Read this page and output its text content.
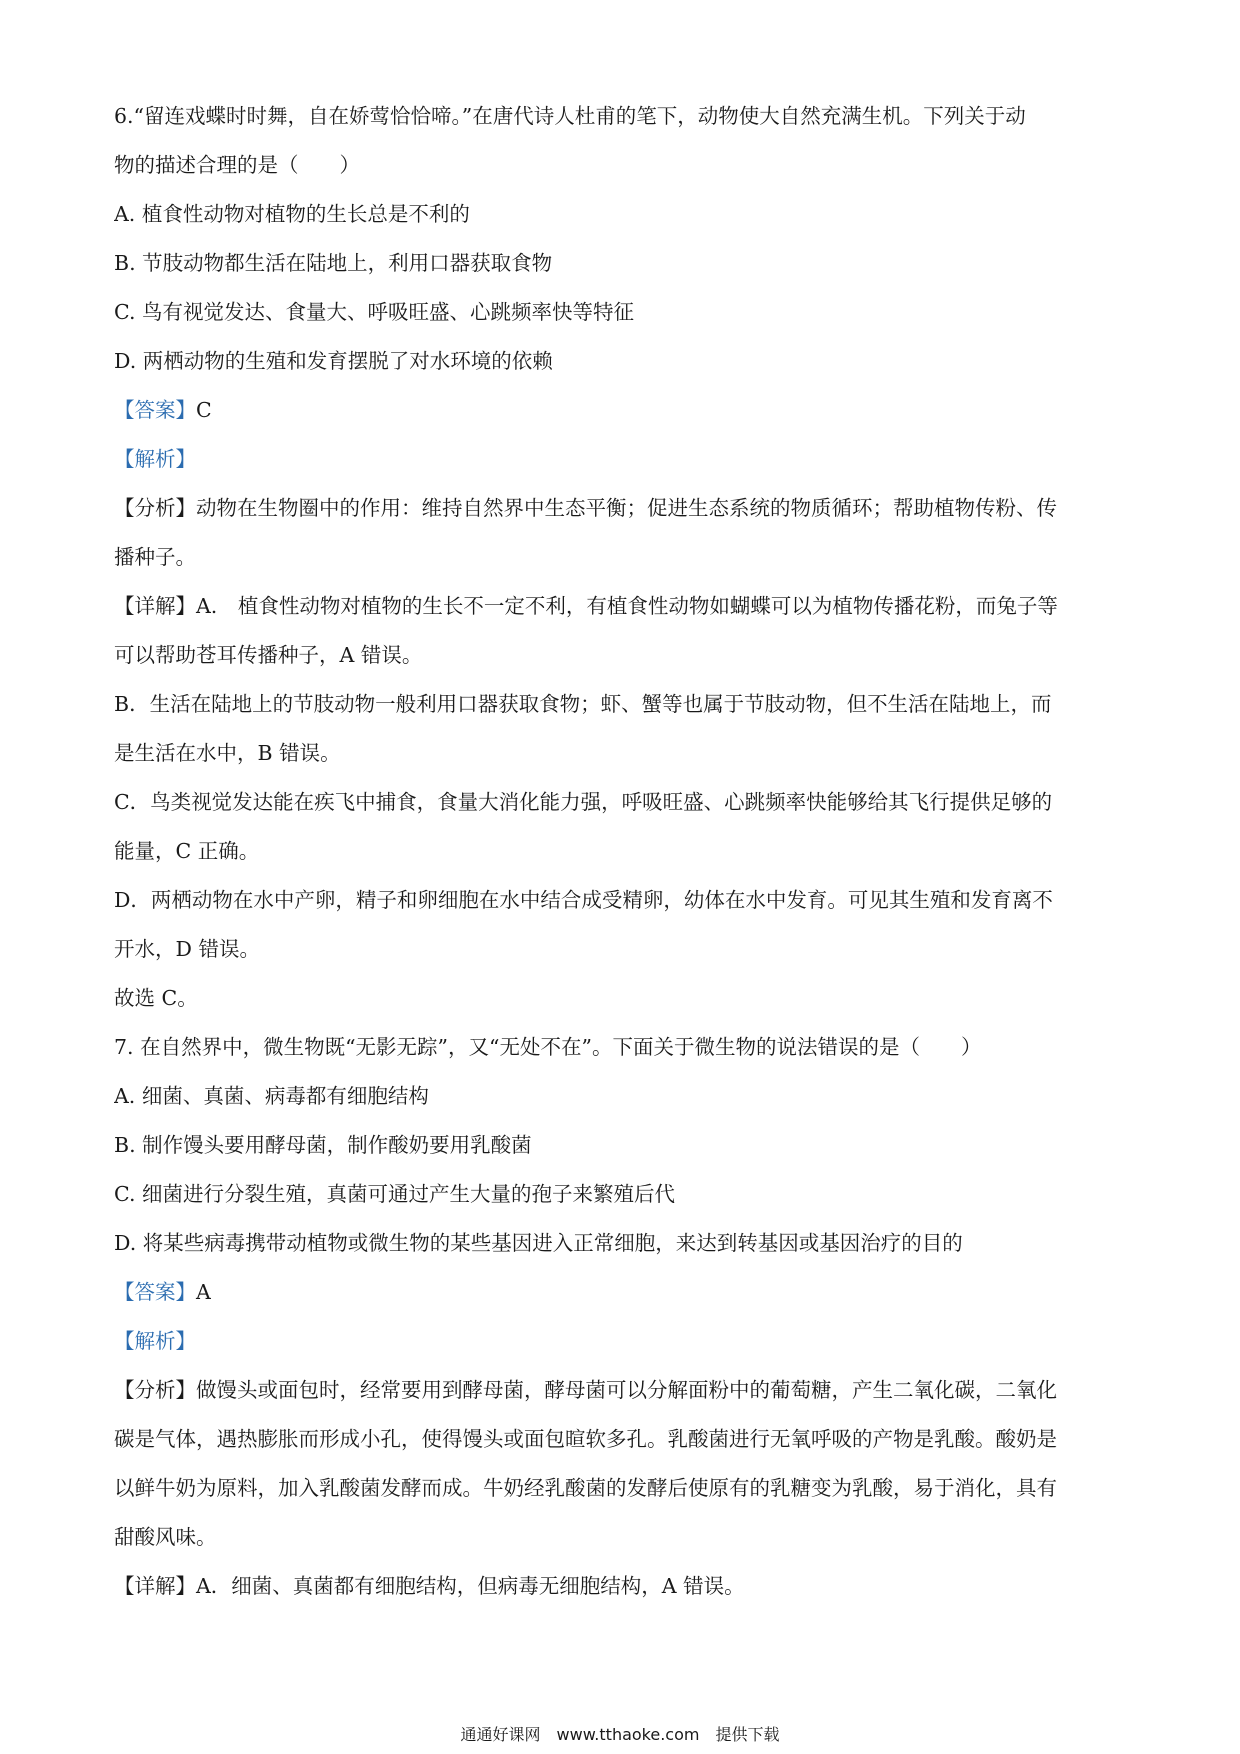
6.“留连戏蝶时时舞，自在娇莺恰恰啼。”在唐代诗人杜甫的笔下，动物使大自然充满生机。下列关于动
物的描述合理的是（　　）
A. 植食性动物对植物的生长总是不利的
B. 节肢动物都生活在陆地上，利用口器获取食物
C. 鸟有视觉发达、食量大、呼吸旺盛、心跳频率快等特征
D. 两栖动物的生殖和发育摆脱了对水环境的依赖
【答案】 C
【解析】
【分析】 动物在生物圈中的作用：维持自然界中生态平衡；促进生态系统的物质循环；帮助植物传粉、传
播种子。
【详解】 A.　植食性动物对植物的生长不一定不利，有植食性动物如蝴蝶可以为植物传播花粉，而兔子等
可以帮助苍耳传播种子，A 错误。
B．生活在陆地上的节肢动物一般利用口器获取食物；虾、蟹等也属于节肢动物，但不生活在陆地上，而
是生活在水中，B 错误。
C．鸟类视觉发达能在疾飞中捕食，食量大消化能力强，呼吸旺盛、心跳频率快能够给其飞行提供足够的
能量，C 正确。
D．两栖动物在水中产卵，精子和卵细胞在水中结合成受精卵，幼体在水中发育。可见其生殖和发育离不
开水，D 错误。
故选 C。
7. 在自然界中，微生物既“无影无踪”，又“无处不在”。下面关于微生物的说法错误的是（　　）
A. 细菌、真菌、病毒都有细胞结构
B. 制作馒头要用酵母菌，制作酸奶要用乳酸菌
C. 细菌进行分裂生殖，真菌可通过产生大量的孢子来繁殖后代
D. 将某些病毒携带动植物或微生物的某些基因进入正常细胞，来达到转基因或基因治疗的目的
【答案】 A
【解析】
【分析】 做馒头或面包时，经常要用到酵母菌，酵母菌可以分解面粉中的葡萄糖，产生二氧化碳，二氧化
碳是气体，遇热膨胀而形成小孔，使得馒头或面包暄软多孔。乳酸菌进行无氧呼吸的产物是乳酸。酸奶是
以鲜牛奶为原料，加入乳酸菌发酵而成。牛奶经乳酸菌的发酵后使原有的乳糖变为乳酸，易于消化，具有
甜酸风味。
【详解】 A．细菌、真菌都有细胞结构，但病毒无细胞结构，A 错误。
通通好课网　www.tthaoke.com　提供下载
